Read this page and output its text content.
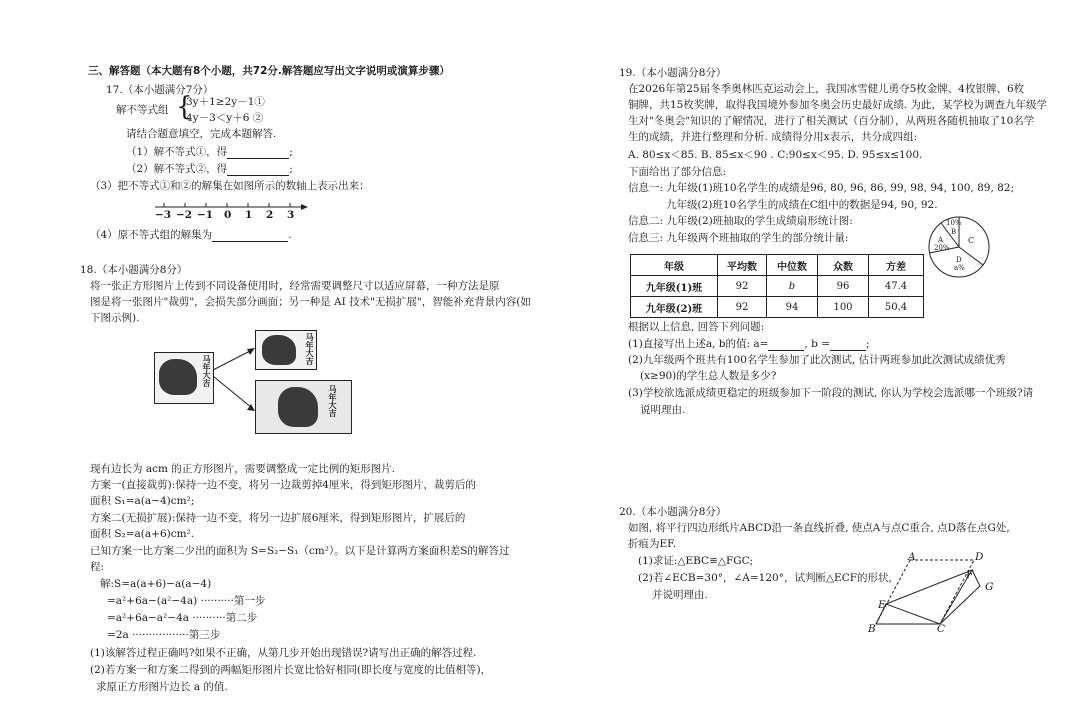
三、解答题（本大题有8个小题，共72分.解答题应写出文字说明或演算步骤）
17.（本小题满分7分）
解不等式组 {
3y＋1≥2y－1①
4y－3＜y＋6 ②
请结合题意填空，完成本题解答.
（1）解不等式①，得	;
（2）解不等式②，得	;
（3）把不等式①和②的解集在如图所示的数轴上表示出来：
−3 −2 −1 0 1 2 3
（4）原不等式组的解集为	.
18.（本小题满分8分）
将一张正方形图片上传到不同设备使用时，经常需要调整尺寸以适应屏幕，一种方法是原
图是将一张图片"裁剪"，会损失部分画面；另一种是 AI 技术"无损扩展"，智能补充背景内容(如
下图示例).
马年大吉
马年大吉
马年大吉
现有边长为 acm 的正方形图片，需要调整成一定比例的矩形图片.
方案一(直接裁剪):保持一边不变，将另一边裁剪掉4厘米，得到矩形图片，裁剪后的
面积 S₁=a(a−4)cm²;
方案二(无损扩展):保持一边不变，将另一边扩展6厘米，得到矩形图片，扩展后的
面积 S₂=a(a+6)cm².
已知方案一比方案二少出的面积为 S=S₂−S₁（cm²）。以下是计算两方案面积差S的解答过
程:
解:S=a(a+6)−a(a−4)
=a²+6a−(a²−4a) ··········第一步
=a²+6a−a²−4a ··········第二步
=2a ·················第三步
(1)该解答过程正确吗?如果不正确，从第几步开始出现错误?请写出正确的解答过程.
(2)若方案一和方案二得到的两幅矩形图片长宽比恰好相同(即长度与宽度的比值相等)，
求原正方形图片边长 a 的值.
19.（本小题满分8分）
在2026年第25届冬季奥林匹克运动会上，我国冰雪健儿勇夺5枚金牌、4枚银牌、6枚
铜牌，共15枚奖牌，取得我国境外参加冬奥会历史最好成绩. 为此，某学校为调查九年级学
生对"冬奥会"知识的了解情况，进行了相关测试（百分制），从两班各随机抽取了10名学
生的成绩，并进行整理和分析. 成绩得分用x表示，共分成四组:
A. 80≤x＜85. B. 85≤x＜90 . C:90≤x＜95. D. 95≤x≤100.
下面给出了部分信息:
信息一: 九年级(1)班10名学生的成绩是96, 80, 96, 86, 99, 98, 94, 100, 89, 82;
九年级(2)班10名学生的成绩在C组中的数据是94, 90, 92.
信息二: 九年级(2)班抽取的学生成绩扇形统计图:
信息三: 九年级两个班抽取的学生的部分统计量:
10%
B
A
20%
C
D
a%
年级	平均数	中位数	众数	方差
九年级(1)班	92	b	96	47.4
九年级(2)班	92	94	100	50.4
根据以上信息, 回答下列问题:
(1)直接写出上述a, b的值: a=	, b =	;
(2)九年级两个班共有100名学生参加了此次测试, 估计两班参加此次测试成绩优秀
(x≥90)的学生总人数是多少?
(3)学校欲选派成绩更稳定的班级参加下一阶段的测试, 你认为学校会选派哪一个班级?请
说明理由.
20.（本小题满分8分）
如图, 将平行四边形纸片ABCD沿一条直线折叠, 使点A与点C重合, 点D落在点G处,
折痕为EF.
(1)求证:△EBC≌△FGC;
(2)若∠ECB=30°，∠A=120°，试判断△ECF的形状,
并说明理由.
A	D
F
G
E
B	C
